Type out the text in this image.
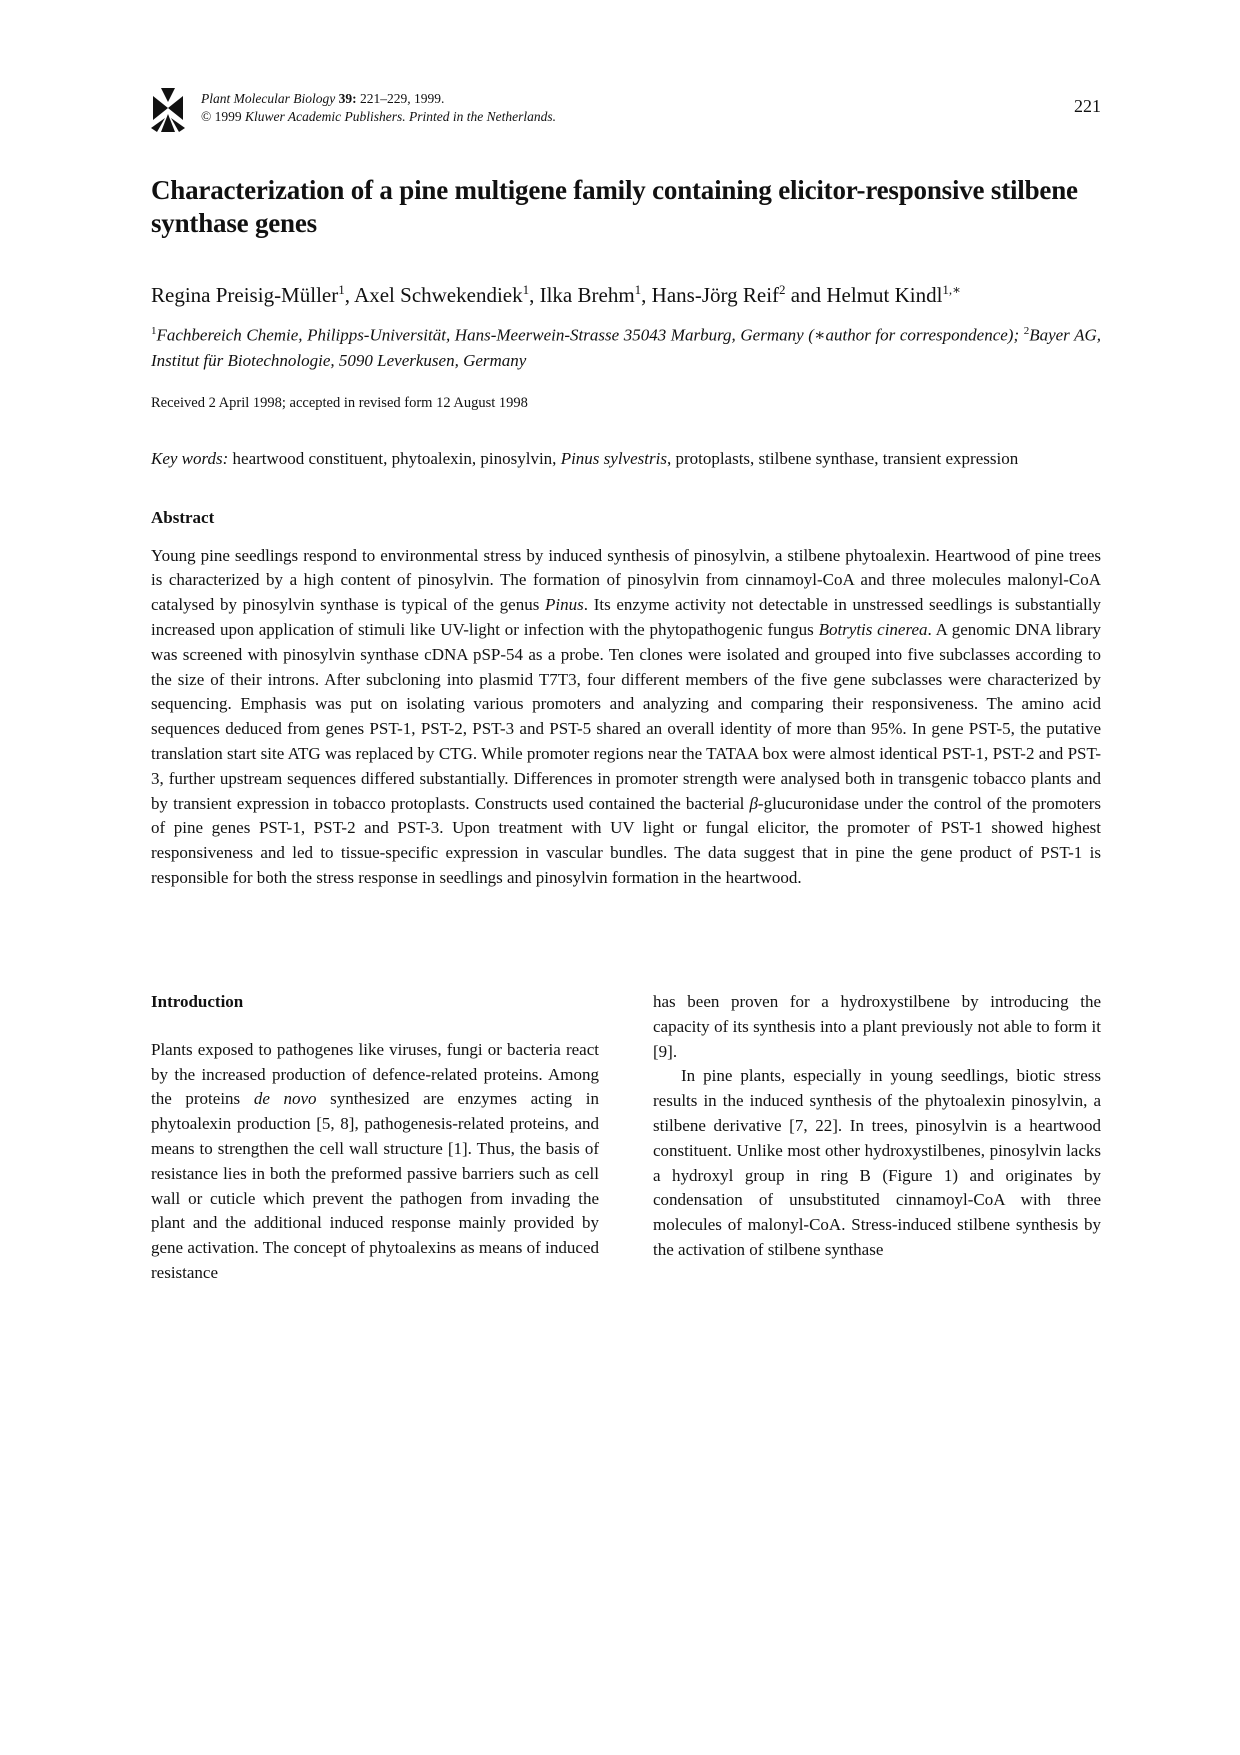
Plant Molecular Biology 39: 221–229, 1999.
© 1999 Kluwer Academic Publishers. Printed in the Netherlands.
221
Characterization of a pine multigene family containing elicitor-responsive stilbene synthase genes
Regina Preisig-Müller$^1$, Axel Schwekendiek$^1$, Ilka Brehm$^1$, Hans-Jörg Reif$^2$ and Helmut Kindl$^{1,∗}$
$^1$Fachbereich Chemie, Philipps-Universität, Hans-Meerwein-Strasse 35043 Marburg, Germany (∗author for correspondence); $^2$Bayer AG, Institut für Biotechnologie, 5090 Leverkusen, Germany
Received 2 April 1998; accepted in revised form 12 August 1998
Key words: heartwood constituent, phytoalexin, pinosylvin, Pinus sylvestris, protoplasts, stilbene synthase, transient expression
Abstract
Young pine seedlings respond to environmental stress by induced synthesis of pinosylvin, a stilbene phytoalexin. Heartwood of pine trees is characterized by a high content of pinosylvin. The formation of pinosylvin from cinnamoyl-CoA and three molecules malonyl-CoA catalysed by pinosylvin synthase is typical of the genus Pinus. Its enzyme activity not detectable in unstressed seedlings is substantially increased upon application of stimuli like UV-light or infection with the phytopathogenic fungus Botrytis cinerea. A genomic DNA library was screened with pinosylvin synthase cDNA pSP-54 as a probe. Ten clones were isolated and grouped into five subclasses according to the size of their introns. After subcloning into plasmid T7T3, four different members of the five gene subclasses were characterized by sequencing. Emphasis was put on isolating various promoters and analyzing and comparing their responsiveness. The amino acid sequences deduced from genes PST-1, PST-2, PST-3 and PST-5 shared an overall identity of more than 95%. In gene PST-5, the putative translation start site ATG was replaced by CTG. While promoter regions near the TATAA box were almost identical PST-1, PST-2 and PST-3, further upstream sequences differed substantially. Differences in promoter strength were analysed both in transgenic tobacco plants and by transient expression in tobacco protoplasts. Constructs used contained the bacterial β-glucuronidase under the control of the promoters of pine genes PST-1, PST-2 and PST-3. Upon treatment with UV light or fungal elicitor, the promoter of PST-1 showed highest responsiveness and led to tissue-specific expression in vascular bundles. The data suggest that in pine the gene product of PST-1 is responsible for both the stress response in seedlings and pinosylvin formation in the heartwood.
Introduction

Plants exposed to pathogenes like viruses, fungi or bacteria react by the increased production of defence-related proteins. Among the proteins de novo synthesized are enzymes acting in phytoalexin production [5, 8], pathogenesis-related proteins, and means to strengthen the cell wall structure [1]. Thus, the basis of resistance lies in both the preformed passive barriers such as cell wall or cuticle which prevent the pathogen from invading the plant and the additional induced response mainly provided by gene activation. The concept of phytoalexins as means of induced resistance

has been proven for a hydroxystilbene by introducing the capacity of its synthesis into a plant previously not able to form it [9].

In pine plants, especially in young seedlings, biotic stress results in the induced synthesis of the phytoalexin pinosylvin, a stilbene derivative [7, 22]. In trees, pinosylvin is a heartwood constituent. Unlike most other hydroxystilbenes, pinosylvin lacks a hydroxyl group in ring B (Figure 1) and originates by condensation of unsubstituted cinnamoyl-CoA with three molecules of malonyl-CoA. Stress-induced stilbene synthesis by the activation of stilbene synthase
